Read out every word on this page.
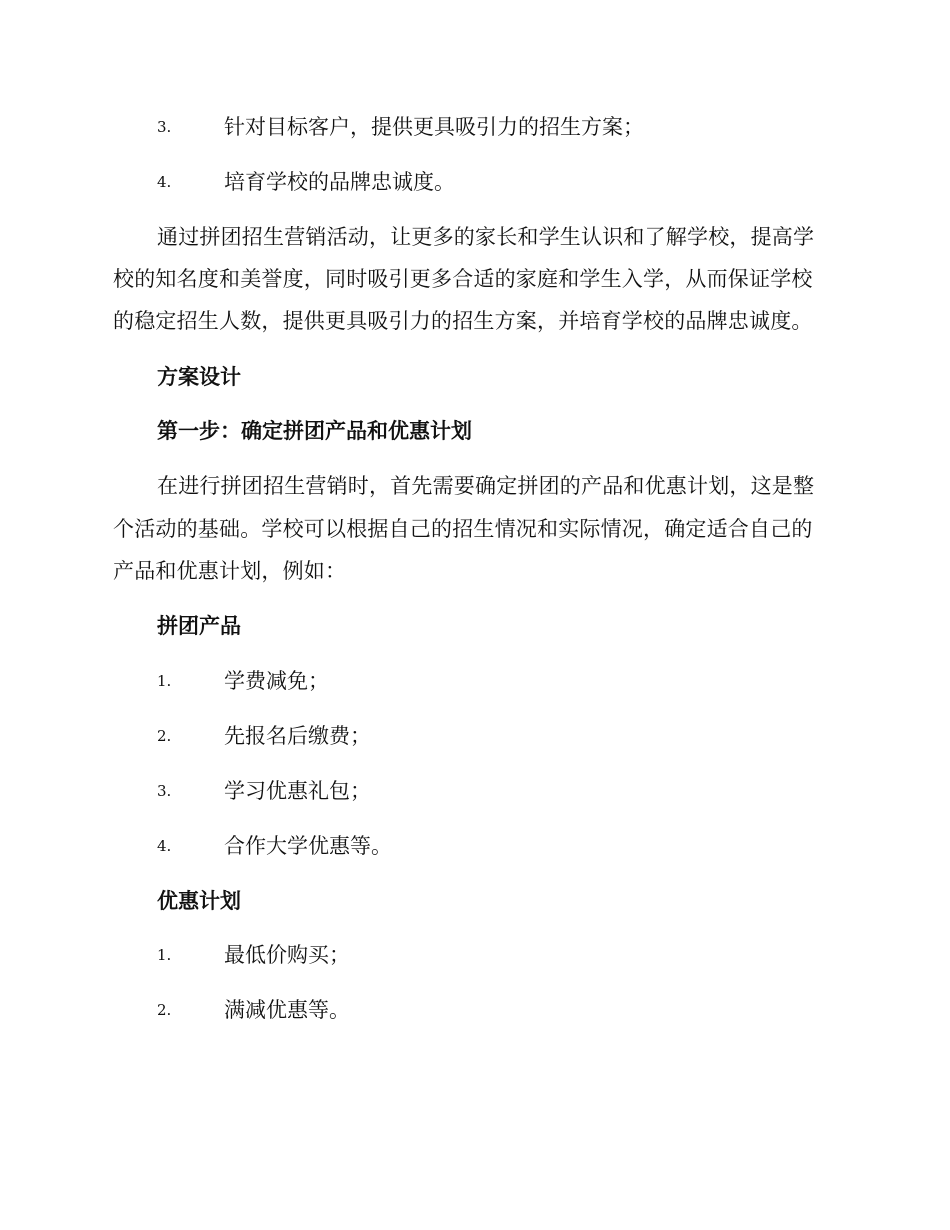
3.	针对目标客户，提供更具吸引力的招生方案；
4.	培育学校的品牌忠诚度。
通过拼团招生营销活动，让更多的家长和学生认识和了解学校，提高学
校的知名度和美誉度，同时吸引更多合适的家庭和学生入学，从而保证学校
的稳定招生人数，提供更具吸引力的招生方案，并培育学校的品牌忠诚度。
方案设计
第一步：确定拼团产品和优惠计划
在进行拼团招生营销时，首先需要确定拼团的产品和优惠计划，这是整
个活动的基础。学校可以根据自己的招生情况和实际情况，确定适合自己的
产品和优惠计划，例如：
拼团产品
1.	学费减免；
2.	先报名后缴费；
3.	学习优惠礼包；
4.	合作大学优惠等。
优惠计划
1.	最低价购买；
2.	满减优惠等。
